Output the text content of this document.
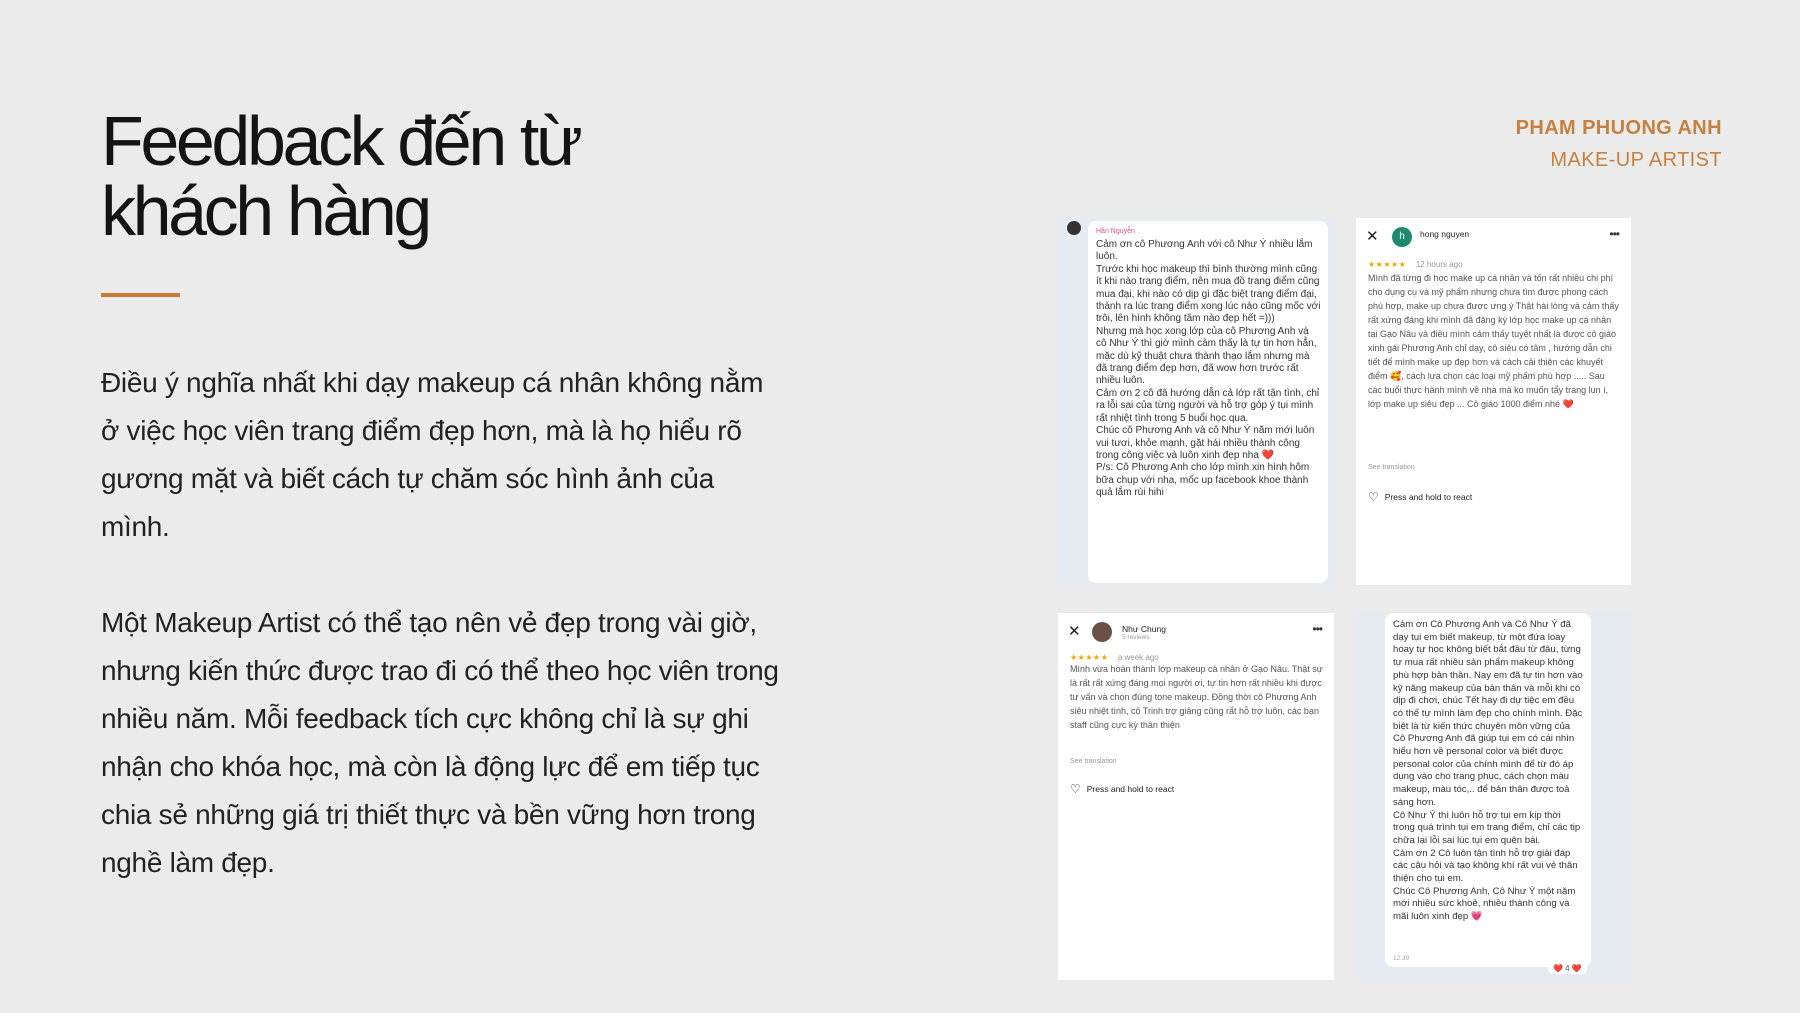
Feedback đến từ
khách hàng

Điều ý nghĩa nhất khi dạy makeup cá nhân không nằm ở việc học viên trang điểm đẹp hơn, mà là họ hiểu rõ gương mặt và biết cách tự chăm sóc hình ảnh của mình.

Một Makeup Artist có thể tạo nên vẻ đẹp trong vài giờ, nhưng kiến thức được trao đi có thể theo học viên trong nhiều năm. Mỗi feedback tích cực không chỉ là sự ghi nhận cho khóa học, mà còn là động lực để em tiếp tục chia sẻ những giá trị thiết thực và bền vững hơn trong nghề làm đẹp.

PHAM PHUONG ANH
MAKE-UP ARTIST
Hân Nguyễn
Cảm ơn cô Phương Anh với cô Như Ý nhiều lắm luôn.
Trước khi học makeup thì bình thường mình cũng ít khi nào trang điểm, nên mua đồ trang điểm cũng mua đại, khi nào có dịp gì đặc biệt trang điểm đại, thành ra lúc trang điểm xong lúc nào cũng mốc với trôi, lên hình không tâm nào đẹp hết =)))
Nhưng mà học xong lớp của cô Phương Anh và cô Như Ý thì giờ mình cảm thấy là tự tin hơn hẳn, mặc dù kỹ thuật chưa thành thạo lắm nhưng mà đã trang điểm đẹp hơn, đã wow hơn trước rất nhiều luôn.
Cảm ơn 2 cô đã hướng dẫn cả lớp rất tận tình, chỉ ra lỗi sai của từng người và hỗ trợ góp ý tụi mình rất nhiệt tình trong 5 buổi học qua.
Chúc cô Phương Anh và cô Như Ý năm mới luôn vui tươi, khỏe mạnh, gặt hái nhiều thành công trong công việc và luôn xinh đẹp nha ❤️
P/s: Cô Phương Anh cho lớp mình xin hình hôm bữa chụp với nha, mốc up facebook khoe thành quả lắm rùi hihi
✕	h	hong nguyen	•••
★★★★★ 12 hours ago
Mình đã từng đi học make up cá nhân và tốn rất nhiều chi phí cho dụng cụ và mỹ phẩm nhưng chưa tìm được phong cách phù hợp, make up chưa được ưng ý Thật hài lòng và cảm thấy rất xứng đáng khi mình đã đăng ký lớp học make up cá nhân tại Gạo Nâu và điều mình cảm thấy tuyệt nhất là được cô giáo xinh gái Phương Anh chỉ dạy, cô siêu có tâm , hướng dẫn chi tiết để mình make up đẹp hơn và cách cải thiện các khuyết điểm 🥰, cách lựa chọn các loại mỹ phẩm phù hợp ..... Sau các buổi thực hành mình về nhà mà ko muốn tẩy trang lun í, lớp make up siêu đẹp ... Cô giáo 1000 điểm nhé ❤️
See translation
♡ Press and hold to react
✕	Như Chung
5 reviews
•••
★★★★★ a week ago
Mình vừa hoàn thành lớp makeup cá nhân ở Gạo Nâu. Thật sự là rất rất xứng đáng mọi người ơi, tự tin hơn rất nhiều khi được tư vấn và chọn đúng tone makeup. Đồng thời cô Phương Anh siêu nhiệt tình, cô Trinh trợ giảng cũng rất hỗ trợ luôn, các bạn staff cũng cực kỳ thân thiện
See translation
♡ Press and hold to react
Cảm ơn Cô Phương Anh và Cô Như Ý đã dạy tụi em biết makeup, từ một đứa loay hoay tự học không biết bắt đầu từ đâu, từng tự mua rất nhiều sản phẩm makeup không phù hợp bản thân. Nay em đã tự tin hơn vào kỹ năng makeup của bản thân và mỗi khi có dịp đi chơi, chúc Tết hay đi dự tiệc em đều có thể tự mình làm đẹp cho chính mình. Đặc biệt là từ kiến thức chuyên môn vững của Cô Phương Anh đã giúp tụi em có cái nhìn hiểu hơn về personal color và biết được personal color của chính mình để từ đó áp dụng vào cho trang phục, cách chọn màu makeup, màu tóc,.. để bản thân được toả sáng hơn.
Cô Như Ý thì luôn hỗ trợ tụi em kịp thời trong quá trình tụi em trang điểm, chỉ các tip chữa lại lỗi sai lúc tụi em quên bài.
Cảm ơn 2 Cô luôn tận tình hỗ trợ giải đáp các câu hỏi và tạo không khí rất vui vẻ thân thiện cho tụi em.
Chúc Cô Phương Anh, Cô Như Ý một năm mới nhiều sức khoẻ, nhiều thành công và mãi luôn xinh đẹp 💗
12:39
❤️ 4 ❤️
